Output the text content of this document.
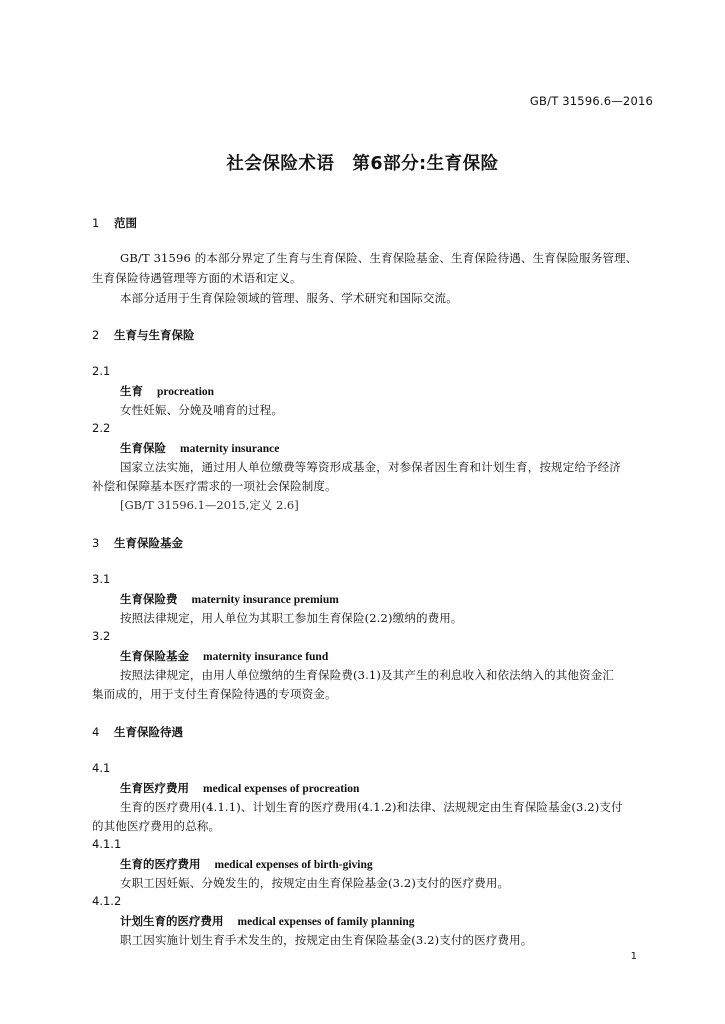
GB/T 31596.6—2016
社会保险术语　第6部分:生育保险
1 范围
GB/T 31596 的本部分界定了生育与生育保险、生育保险基金、生育保险待遇、生育保险服务管理、
生育保险待遇管理等方面的术语和定义。
本部分适用于生育保险领域的管理、服务、学术研究和国际交流。
2 生育与生育保险
2.1
生育 procreation
女性妊娠、分娩及哺育的过程。
2.2
生育保险 maternity insurance
国家立法实施，通过用人单位缴费等筹资形成基金，对参保者因生育和计划生育，按规定给予经济
补偿和保障基本医疗需求的一项社会保险制度。
[GB/T 31596.1—2015,定义 2.6]
3 生育保险基金
3.1
生育保险费 maternity insurance premium
按照法律规定，用人单位为其职工参加生育保险(2.2)缴纳的费用。
3.2
生育保险基金 maternity insurance fund
按照法律规定，由用人单位缴纳的生育保险费(3.1)及其产生的利息收入和依法纳入的其他资金汇
集而成的，用于支付生育保险待遇的专项资金。
4 生育保险待遇
4.1
生育医疗费用 medical expenses of procreation
生育的医疗费用(4.1.1)、计划生育的医疗费用(4.1.2)和法律、法规规定由生育保险基金(3.2)支付
的其他医疗费用的总称。
4.1.1
生育的医疗费用 medical expenses of birth-giving
女职工因妊娠、分娩发生的，按规定由生育保险基金(3.2)支付的医疗费用。
4.1.2
计划生育的医疗费用 medical expenses of family planning
职工因实施计划生育手术发生的，按规定由生育保险基金(3.2)支付的医疗费用。
1
